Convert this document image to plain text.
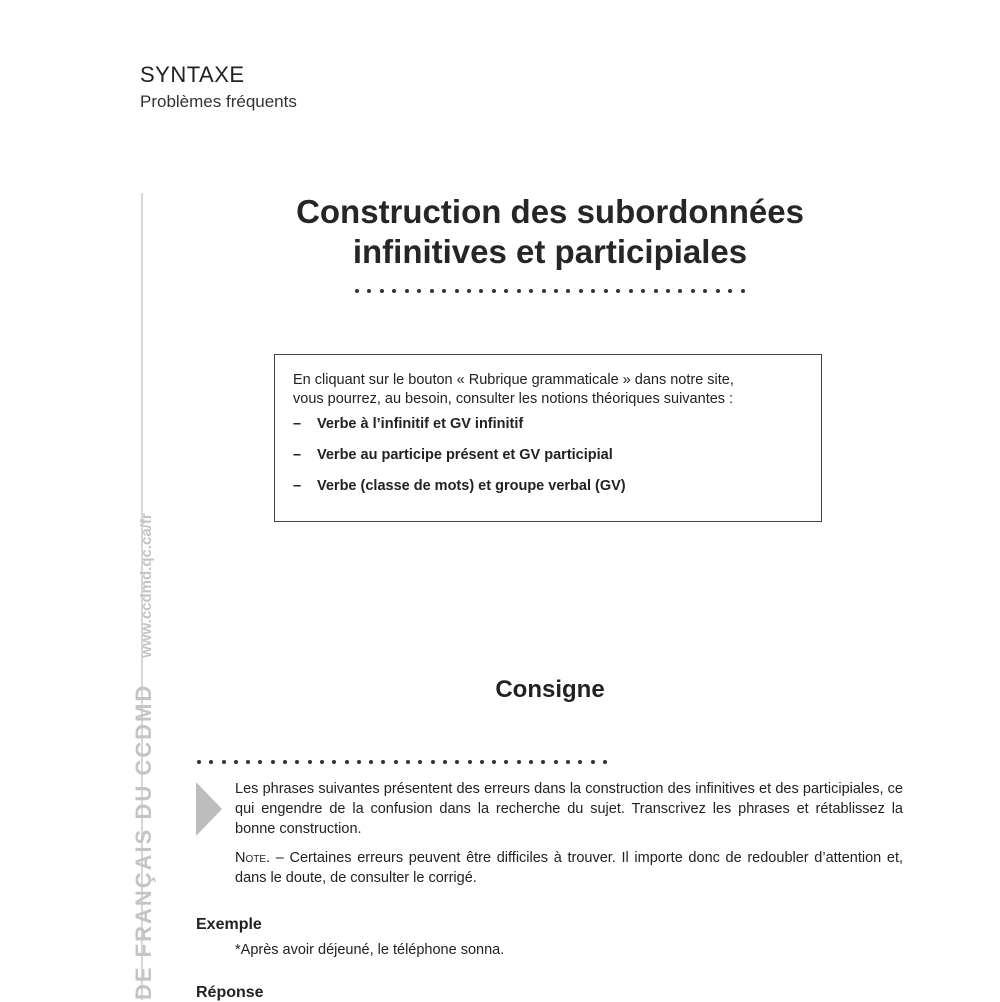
SYNTAXE
Problèmes fréquents
DE FRANÇAIS DU CCDMD
www.ccdmd.qc.ca/fr
Construction des subordonnées
infinitives et participiales

En cliquant sur le bouton « Rubrique grammaticale » dans notre site,
vous pourrez, au besoin, consulter les notions théoriques suivantes :

–	Verbe à l’infinitif et GV infinitif
–	Verbe au participe présent et GV participial
–	Verbe (classe de mots) et groupe verbal (GV)
Consigne

Les phrases suivantes présentent des erreurs dans la construction des infinitives et des participiales, ce qui engendre de la confusion dans la recherche du sujet. Transcrivez les phrases et rétablissez la bonne construction.

Note. – Certaines erreurs peuvent être difficiles à trouver. Il importe donc de redoubler d’attention et, dans le doute, de consulter le corrigé.

Exemple
*Après avoir déjeuné, le téléphone sonna.
Réponse
